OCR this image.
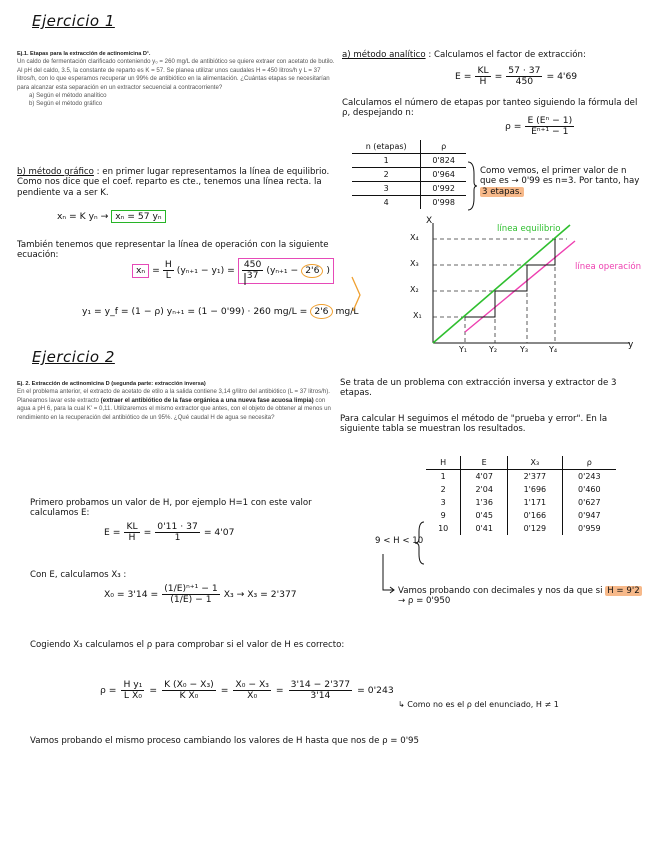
Ejercicio 1
Ej.1. Etapas para la extracción de actinomicina D¹.
Un caldo de fermentación clarificado conteniendo y₀ = 260 mg/L de antibiótico se quiere extraer con acetato de butilo. Al pH del caldo, 3.5, la constante de reparto es K = 57. Se planea utilizar unos caudales H = 450 litros/h y L = 37 litros/h, con lo que esperamos recuperar un 99% de antibiótico en la alimentación. ¿Cuántas etapas se necesitarían para alcanzar esta separación en un extractor secuencial a contracorriente?
a) Según el método analítico
b) Según el método gráfico
b) método gráfico : en primer lugar representamos la línea de equilibrio. Como nos dice que el coef. reparto es cte., tenemos una línea recta. la pendiente va a ser K.
xₙ = K yₙ → xₙ = 57 yₙ
También tenemos que representar la línea de operación con la siguiente ecuación:
$x_n = \frac{H}{L} (y_{n+1} - y_1) = \frac{450}{37} (y_{n+1} - 2'6$ )
y₁ = y_f = (1 − ρ) yₙ₊₁ = (1 − 0'99) · 260 mg/L = 2'6 mg/L
a) método analítico : Calculamos el factor de extracción:
$E = \frac{KL}{H} = \frac{57 \cdot 37}{450} = 4'69$
Calculamos el número de etapas por tanteo siguiendo la fórmula del ρ, despejando n:
$\rho = \frac{\text{E (Eⁿ − 1)}}{\text{Eⁿ⁺¹ − 1}}$
n (etapas)	ρ
1	0'824
2	0'964
3	0'992
4	0'998
Como vemos, el primer valor de n que es → 0'99 es n=3. Por tanto, hay 3 etapas.
X
y
X₄
X₃
X₂
X₁
Y₁	Y₂	Y₃	Y₄
línea equilibrio
línea operación
Ejercicio 2
Ej. 2. Extracción de actinomicina D (segunda parte: extracción inversa)
En el problema anterior, el extracto de acetato de etilo a la salida contiene 3,14 g/litro del antibiótico (L = 37 litros/h). Planeamos lavar este extracto (extraer el antibiótico de la fase orgánica a una nueva fase acuosa limpia) con agua a pH 6, para la cual K' = 0,11. Utilizaremos el mismo extractor que antes, con el objeto de obtener al menos un rendimiento en la recuperación del antibiótico de un 95%. ¿Qué caudal H de agua se necesita?
Se trata de un problema con extracción inversa y extractor de 3 etapas.
Para calcular H seguimos el método de "prueba y error". En la siguiente tabla se muestran los resultados.
H	E	X₃	ρ
1	4'07	2'377	0'243
2	2'04	1'696	0'460
3	1'36	1'171	0'627
9	0'45	0'166	0'947
10	0'41	0'129	0'959
9 < H < 10
Vamos probando con decimales y nos da que si H = 9'2 → ρ = 0'950
Primero probamos un valor de H, por ejemplo H=1 con este valor calculamos E:
$E = \frac{KL}{H} = \frac{0'11 \cdot 37}{1} = 4'07$
Con E, calculamos X₃ :
$X_0 = 3'14 = \frac{\text{(1/E)ⁿ⁺¹ − 1}}{(1/E) - 1} X_3 \to X_3 = 2'377$
Cogiendo X₃ calculamos el ρ para comprobar si el valor de H es correcto:
$\rho = \frac{\text{H y₁}}{\text{L X₀}} = \frac{\text{K (X₀ − X₃)}}{\text{K X₀}} = \frac{\text{X₀ − X₃}}{\text{X₀}} = \frac{3'14 - 2'377}{3'14} = 0'243$
↳ Como no es el ρ del enunciado, H ≠ 1
Vamos probando el mismo proceso cambiando los valores de H hasta que nos de ρ = 0'95
